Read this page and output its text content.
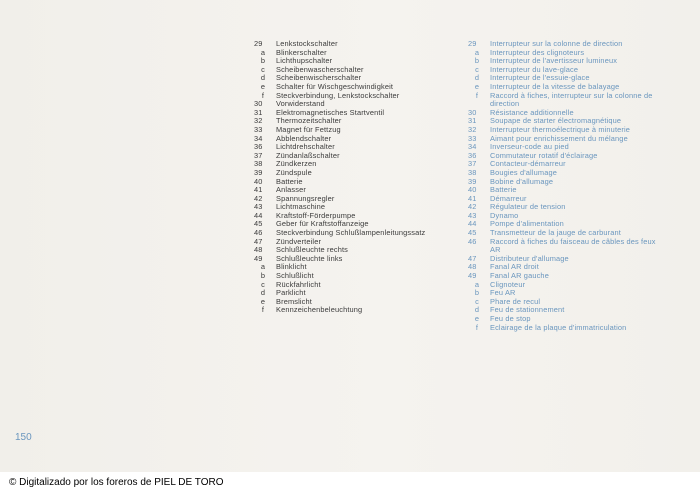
29	Lenkstockschalter
a	Blinkerschalter
b	Lichthupschalter
c	Scheibenwascherschalter
d	Scheibenwischerschalter
e	Schalter für Wischgeschwindigkeit
f	Steckverbindung, Lenkstockschalter
30	Vorwiderstand
31	Elektromagnetisches Startventil
32	Thermozeitschalter
33	Magnet für Fettzug
34	Abblendschalter
36	Lichtdrehschalter
37	Zündanlaßschalter
38	Zündkerzen
39	Zündspule
40	Batterie
41	Anlasser
42	Spannungsregler
43	Lichtmaschine
44	Kraftstoff-Förderpumpe
45	Geber für Kraftstoffanzeige
46	Steckverbindung Schlußlampenleitungssatz
47	Zündverteiler
48	Schlußleuchte rechts
49	Schlußleuchte links
a	Blinklicht
b	Schlußlicht
c	Rückfahrlicht
d	Parklicht
e	Bremslicht
f	Kennzeichenbeleuchtung
29	Interrupteur sur la colonne de direction
a	Interrupteur des clignoteurs
b	Interrupteur de l'avertisseur lumineux
c	Interrupteur du lave-glace
d	Interrupteur de l'essuie-glace
e	Interrupteur de la vitesse de balayage
f	Raccord à fiches, interrupteur sur la colonne de direction
30	Résistance additionnelle
31	Soupape de starter électromagnétique
32	Interrupteur thermoélectrique à minuterie
33	Aimant pour enrichissement du mélange
34	Inverseur-code au pied
36	Commutateur rotatif d'éclairage
37	Contacteur-démarreur
38	Bougies d'allumage
39	Bobine d'allumage
40	Batterie
41	Démarreur
42	Régulateur de tension
43	Dynamo
44	Pompe d'alimentation
45	Transmetteur de la jauge de carburant
46	Raccord à fiches du faisceau de câbles des feux AR
47	Distributeur d'allumage
48	Fanal AR droit
49	Fanal AR gauche
a	Clignoteur
b	Feu AR
c	Phare de recul
d	Feu de stationnement
e	Feu de stop
f	Eclairage de la plaque d'immatriculation
150
© Digitalizado por los foreros de PIEL DE TORO
